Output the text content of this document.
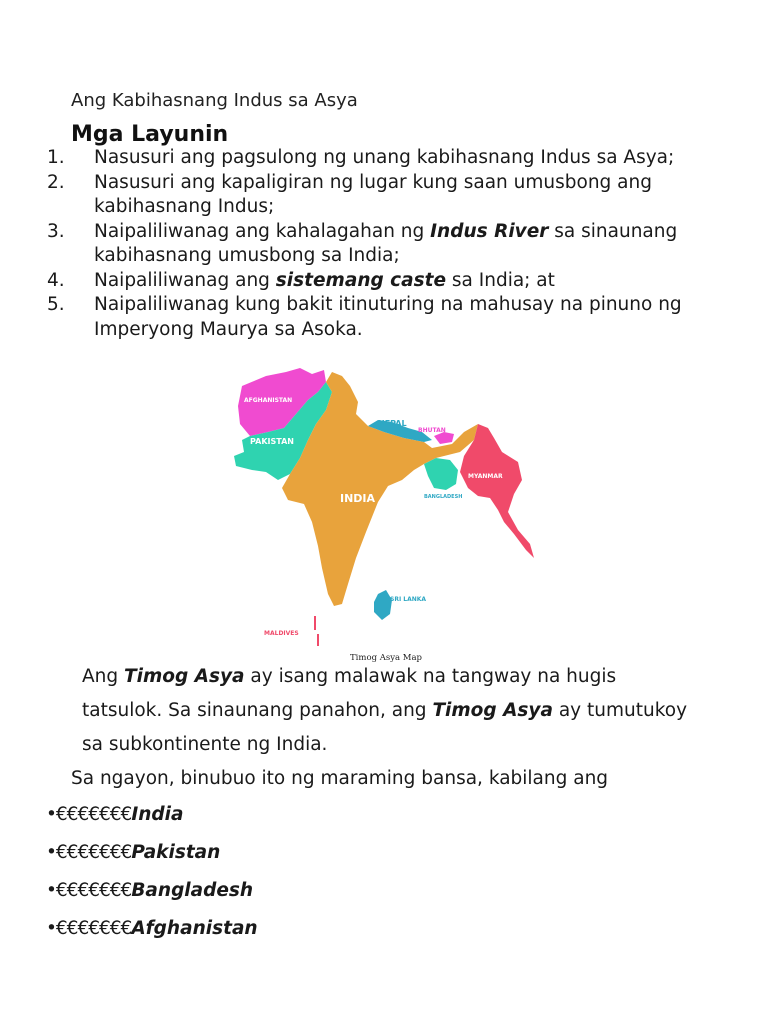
Ang Kabihasnang Indus sa Asya
Mga Layunin
1.	Nasusuri ang pagsulong ng unang kabihasnang Indus sa Asya;
2.	Nasusuri ang kapaligiran ng lugar kung saan umusbong ang kabihasnang Indus;
3.	Naipaliliwanag ang kahalagahan ng Indus River sa sinaunang kabihasnang umusbong sa India;
4.	Naipaliliwanag ang sistemang caste sa India; at
5.	Naipaliliwanag kung bakit itinuturing na mahusay na pinuno ng Imperyong Maurya sa Asoka.
AFGHANISTAN
PAKISTAN
NEPAL
BHUTAN
INDIA	BANGLADESH
MYANMAR
SRI LANKA
MALDIVES
Timog Asya Map

Ang Timog Asya ay isang malawak na tangway na hugis tatsulok. Sa sinaunang panahon, ang Timog Asya ay tumutukoy sa subkontinente ng India.

Sa ngayon, binubuo ito ng maraming bansa, kabilang ang

•€€€€€€€India
•€€€€€€€Pakistan
•€€€€€€€Bangladesh
•€€€€€€€Afghanistan
